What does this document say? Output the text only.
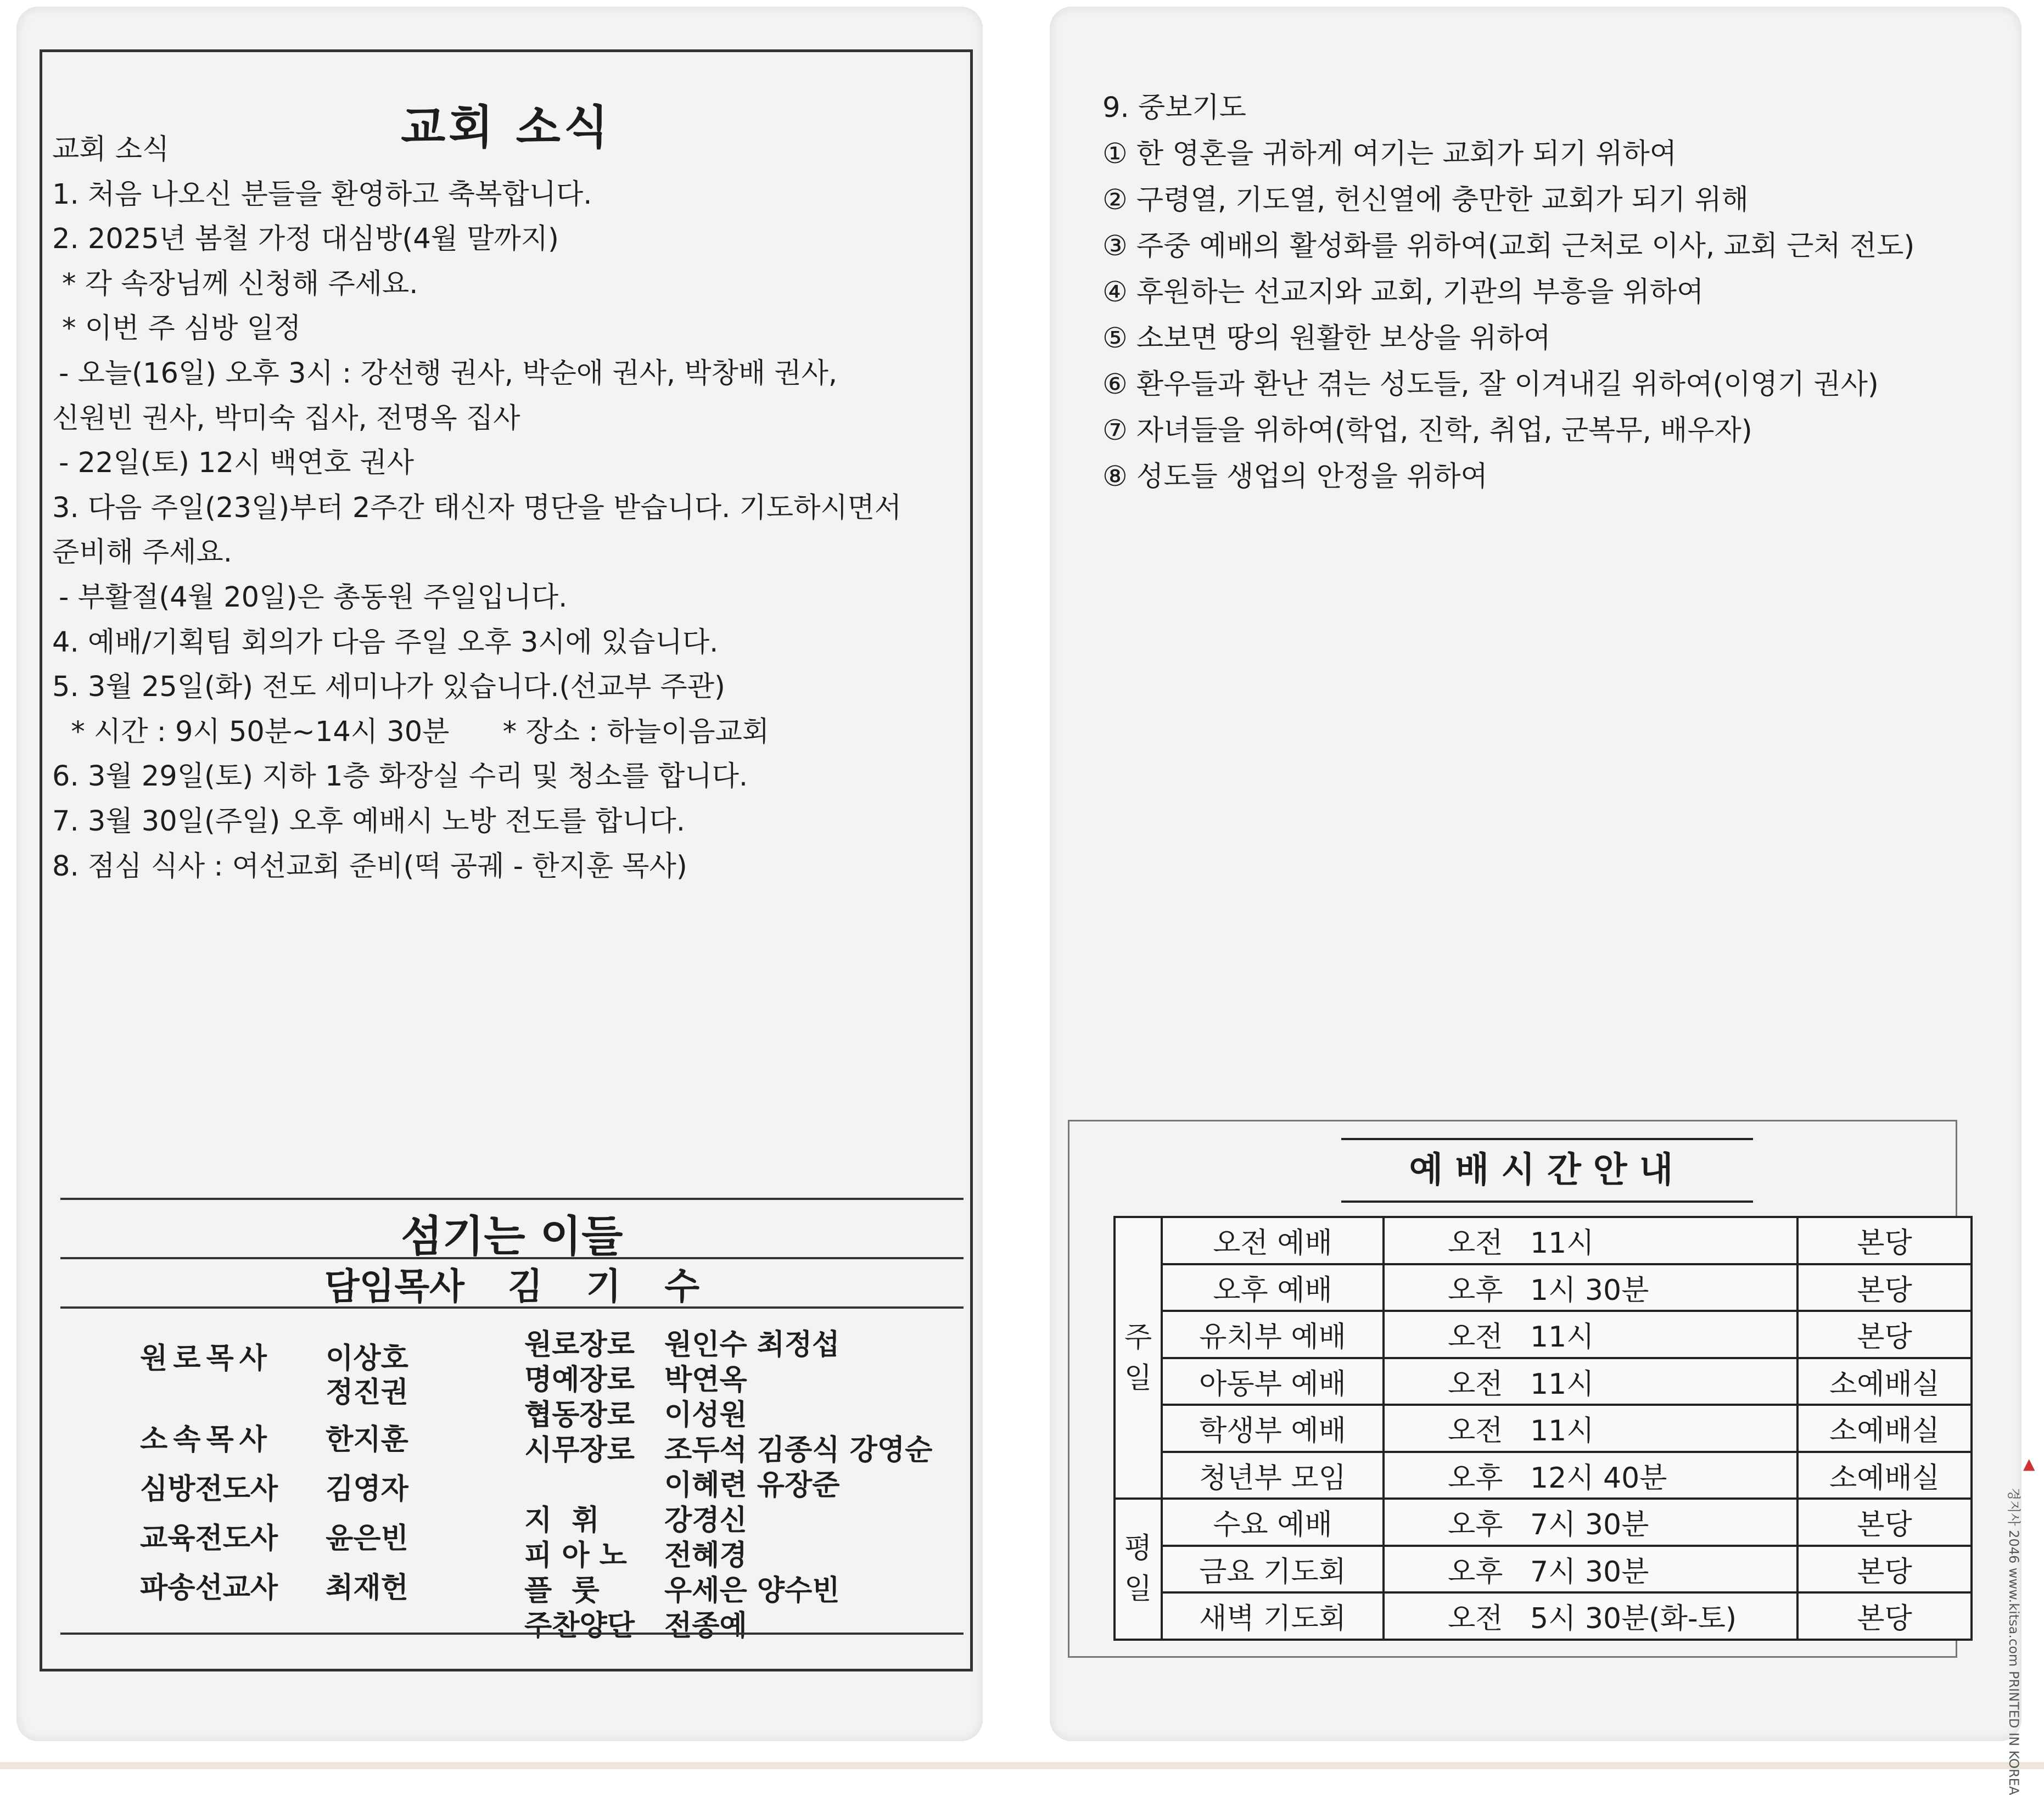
교회 소식
교회 소식
1. 처음 나오신 분들을 환영하고 축복합니다.
2. 2025년 봄철 가정 대심방(4월 말까지)
* 각 속장님께 신청해 주세요.
* 이번 주 심방 일정
- 오늘(16일) 오후 3시 : 강선행 권사, 박순애 권사, 박창배 권사,
신원빈 권사, 박미숙 집사, 전명옥 집사
- 22일(토) 12시 백연호 권사
3. 다음 주일(23일)부터 2주간 태신자 명단을 받습니다. 기도하시면서
준비해 주세요.
- 부활절(4월 20일)은 총동원 주일입니다.
4. 예배/기획팀 회의가 다음 주일 오후 3시에 있습니다.
5. 3월 25일(화) 전도 세미나가 있습니다.(선교부 주관)
* 시간 : 9시 50분~14시 30분      * 장소 : 하늘이음교회
6. 3월 29일(토) 지하 1층 화장실 수리 및 청소를 합니다.
7. 3월 30일(주일) 오후 예배시 노방 전도를 합니다.
8. 점심 식사 : 여선교회 준비(떡 공궤 - 한지훈 목사)
섬기는 이들
담임목사 김 기 수
원로목사 이상호
정진권
소속목사 한지훈
심방전도사 김영자
교육전도사 윤은빈
파송선교사 최재헌
원로장로 원인수 최정섭
명예장로 박연옥
협동장로 이성원
시무장로 조두석 김종식 강영순
이혜련 유장준
지  휘 강경신
피 아 노 전혜경
플  룻 우세은 양수빈
주찬양단 전종예
9. 중보기도
① 한 영혼을 귀하게 여기는 교회가 되기 위하여
② 구령열, 기도열, 헌신열에 충만한 교회가 되기 위해
③ 주중 예배의 활성화를 위하여(교회 근처로 이사, 교회 근처 전도)
④ 후원하는 선교지와 교회, 기관의 부흥을 위하여
⑤ 소보면 땅의 원활한 보상을 위하여
⑥ 환우들과 환난 겪는 성도들, 잘 이겨내길 위하여(이영기 권사)
⑦ 자녀들을 위하여(학업, 진학, 취업, 군복무, 배우자)
⑧ 성도들 생업의 안정을 위하여
예배시간안내
주
일	오전 예배	오전   11시	본당
	오후 예배	오후   1시 30분	본당
	유치부 예배	오전   11시	본당
	아동부 예배	오전   11시	소예배실
	학생부 예배	오전   11시	소예배실
	청년부 모임	오후   12시 40분	소예배실
평
일	수요 예배	오후   7시 30분	본당
	금요 기도회	오후   7시 30분	본당
	새벽 기도회	오전   5시 30분(화-토)	본당
▲
경지사 2046 www.kitsa.com PRINTED IN KOREA
